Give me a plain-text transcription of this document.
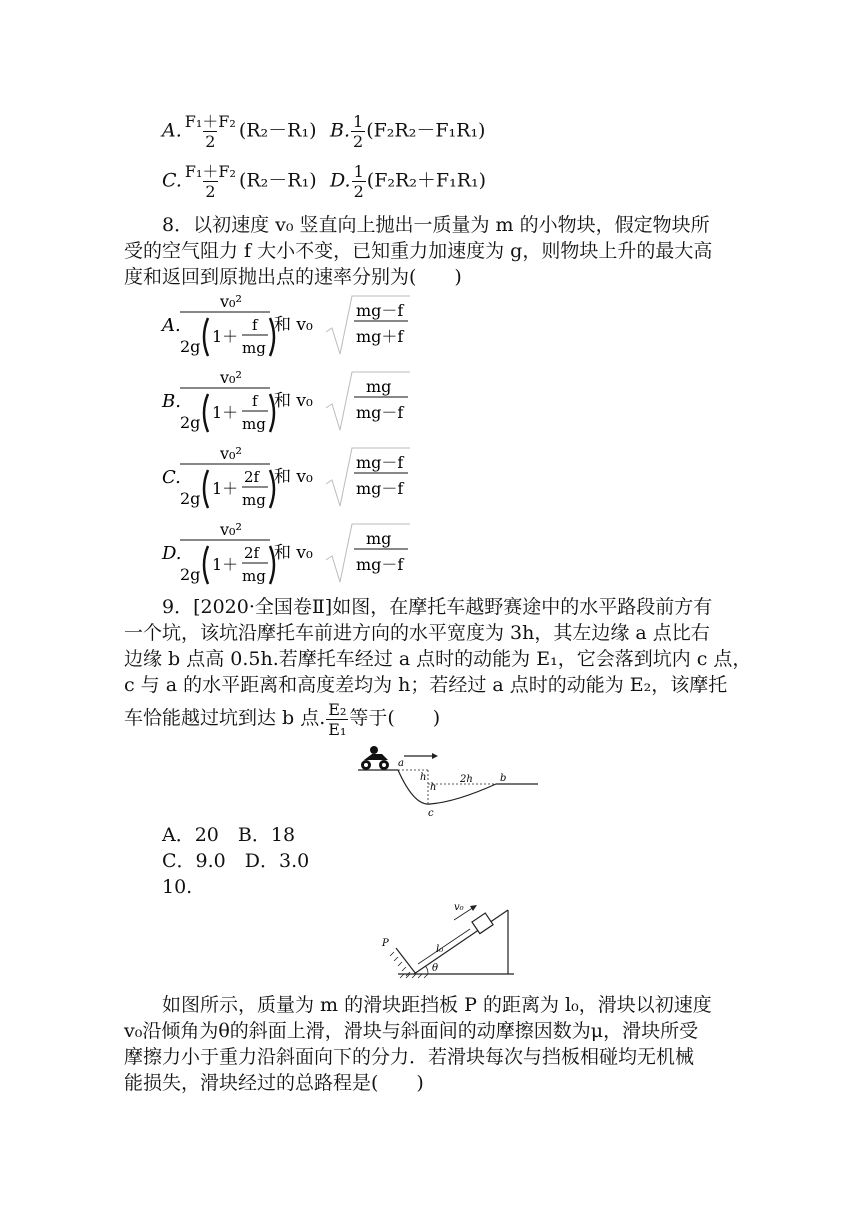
A. $\frac{\text{F₁＋F₂}}{2} (R_2-R_1)$ B. $\frac{1}{2} (F_2R_2-F_1R_1)$
C. $\frac{\text{F₁＋F₂}}{2} (R_2-R_1)$ D. $\frac{1}{2} (F_2R_2+F_1R_1)$
8．以初速度 v₀ 竖直向上抛出一质量为 m 的小物块，假定物块所
受的空气阻力 f 大小不变，已知重力加速度为 g，则物块上升的最大高
度和返回到原抛出点的速率分别为(　　)
A.
v₀²
2g
1＋
f
mg
和 v₀
mg－f
mg＋f
B.
v₀²
2g
1＋
f
mg
和 v₀
mg
mg－f
C.
v₀²
2g
1＋
2f
mg
和 v₀
mg－f
mg－f
D.
v₀²
2g
1＋
2f
mg
和 v₀
mg
mg－f
9．[2020·全国卷Ⅱ]如图，在摩托车越野赛途中的水平路段前方有
一个坑，该坑沿摩托车前进方向的水平宽度为 3h，其左边缘 a 点比右
边缘 b 点高 0.5h.若摩托车经过 a 点时的动能为 E₁，它会落到坑内 c 点，
c 与 a 的水平距离和高度差均为 h；若经过 a 点时的动能为 E₂，该摩托
车恰能越过坑到达 b 点. $\frac{\text{E₂}}{\text{E₁}}$ 等于(　　)
a
h
h
2h	b
c
A．20　B．18
C．9.0　D．3.0
10.
P
l₀
v₀
θ
如图所示，质量为 m 的滑块距挡板 P 的距离为 l₀，滑块以初速度
v₀沿倾角为θ的斜面上滑，滑块与斜面间的动摩擦因数为μ，滑块所受
摩擦力小于重力沿斜面向下的分力．若滑块每次与挡板相碰均无机械
能损失，滑块经过的总路程是(　　)
